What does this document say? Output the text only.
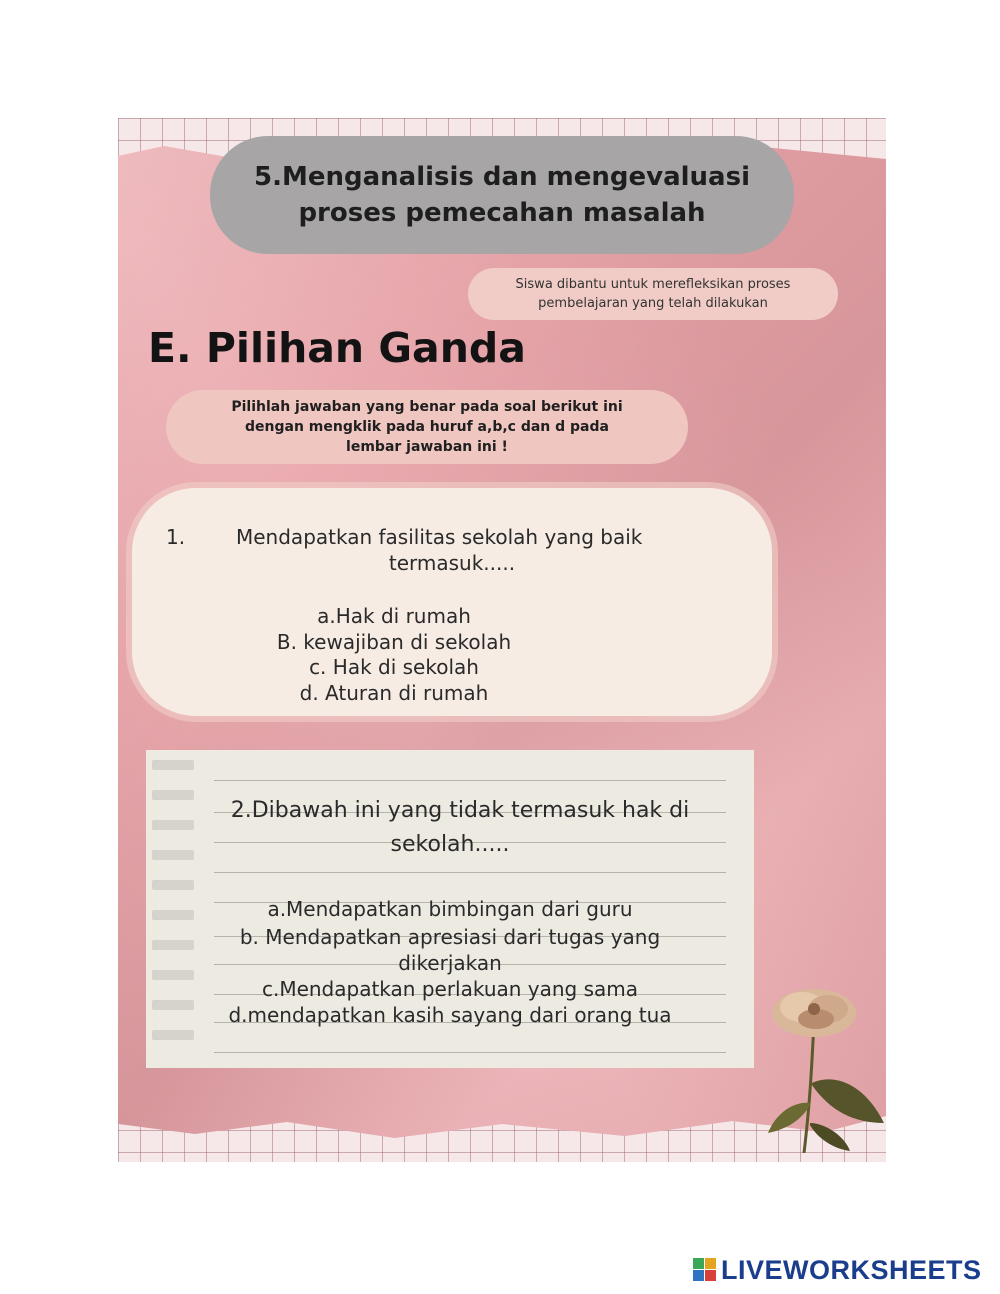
5.Menganalisis dan mengevaluasi
proses pemecahan masalah
Siswa dibantu untuk merefleksikan proses
pembelajaran yang telah dilakukan
E. Pilihan Ganda
Pilihlah jawaban yang benar pada soal berikut ini
dengan mengklik pada huruf a,b,c dan d pada
lembar jawaban ini !
1.	Mendapatkan fasilitas sekolah yang baik
termasuk.....
a.Hak di rumah
B. kewajiban di sekolah
c. Hak di sekolah
d. Aturan di rumah
2.Dibawah ini yang tidak termasuk hak di
sekolah.....
a.Mendapatkan bimbingan dari guru
b. Mendapatkan apresiasi dari tugas yang
dikerjakan
c.Mendapatkan perlakuan yang sama
d.mendapatkan kasih sayang dari orang tua
LIVEWORKSHEETS
